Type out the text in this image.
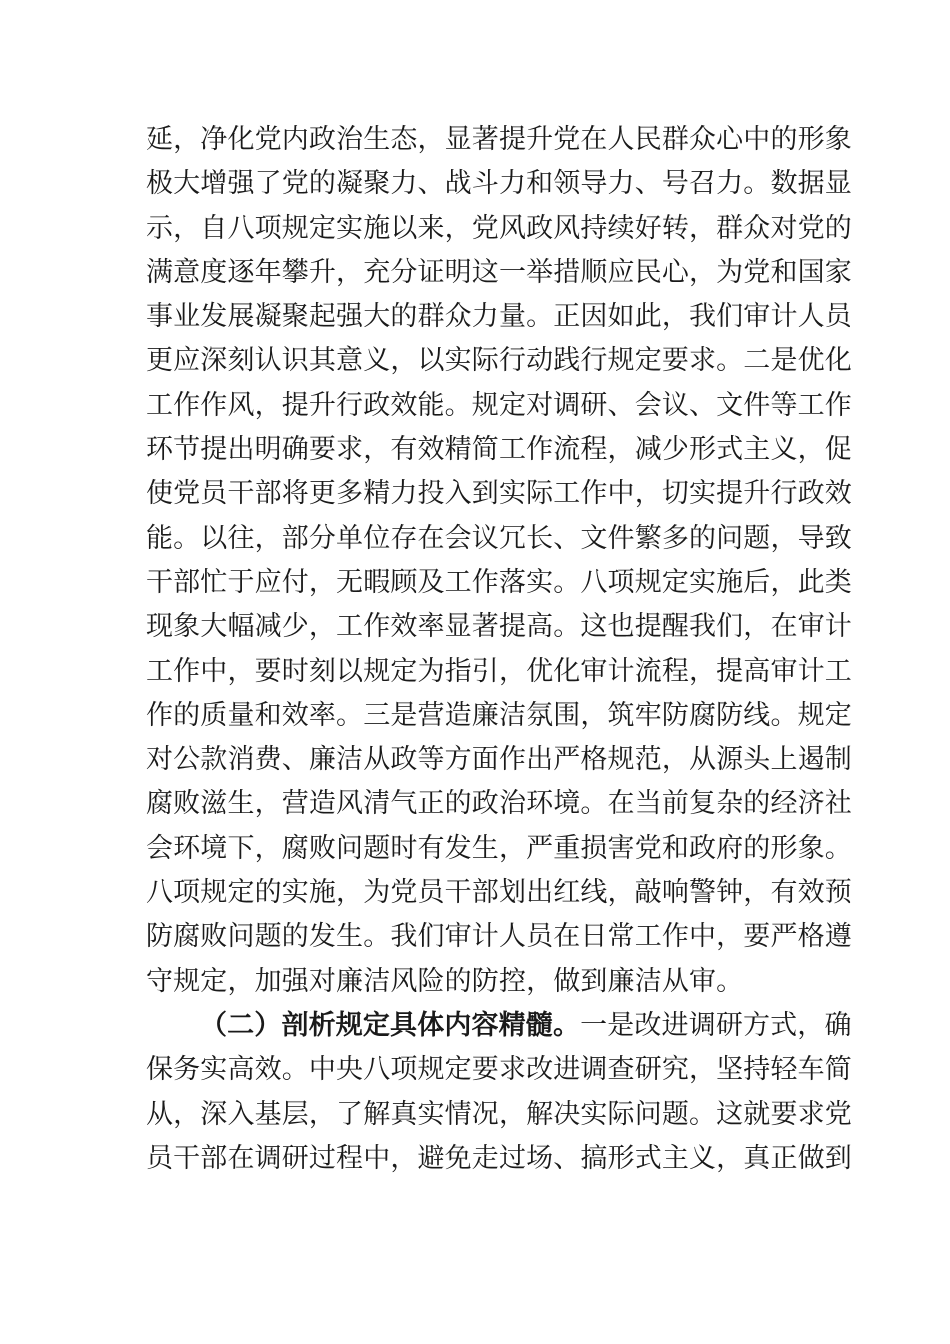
延，净化党内政治生态，显著提升党在人民群众心中的形象
极大增强了党的凝聚力、战斗力和领导力、号召力。数据显
示，自八项规定实施以来，党风政风持续好转，群众对党的
满意度逐年攀升，充分证明这一举措顺应民心，为党和国家
事业发展凝聚起强大的群众力量。正因如此，我们审计人员
更应深刻认识其意义，以实际行动践行规定要求。二是优化
工作作风，提升行政效能。规定对调研、会议、文件等工作
环节提出明确要求，有效精简工作流程，减少形式主义，促
使党员干部将更多精力投入到实际工作中，切实提升行政效
能。以往，部分单位存在会议冗长、文件繁多的问题，导致
干部忙于应付，无暇顾及工作落实。八项规定实施后，此类
现象大幅减少，工作效率显著提高。这也提醒我们，在审计
工作中，要时刻以规定为指引，优化审计流程，提高审计工
作的质量和效率。三是营造廉洁氛围，筑牢防腐防线。规定
对公款消费、廉洁从政等方面作出严格规范，从源头上遏制
腐败滋生，营造风清气正的政治环境。在当前复杂的经济社
会环境下，腐败问题时有发生，严重损害党和政府的形象。
八项规定的实施，为党员干部划出红线，敲响警钟，有效预
防腐败问题的发生。我们审计人员在日常工作中，要严格遵
守规定，加强对廉洁风险的防控，做到廉洁从审。
（二）剖析规定具体内容精髓。一是改进调研方式，确
保务实高效。中央八项规定要求改进调查研究，坚持轻车简
从，深入基层，了解真实情况，解决实际问题。这就要求党
员干部在调研过程中，避免走过场、搞形式主义，真正做到
